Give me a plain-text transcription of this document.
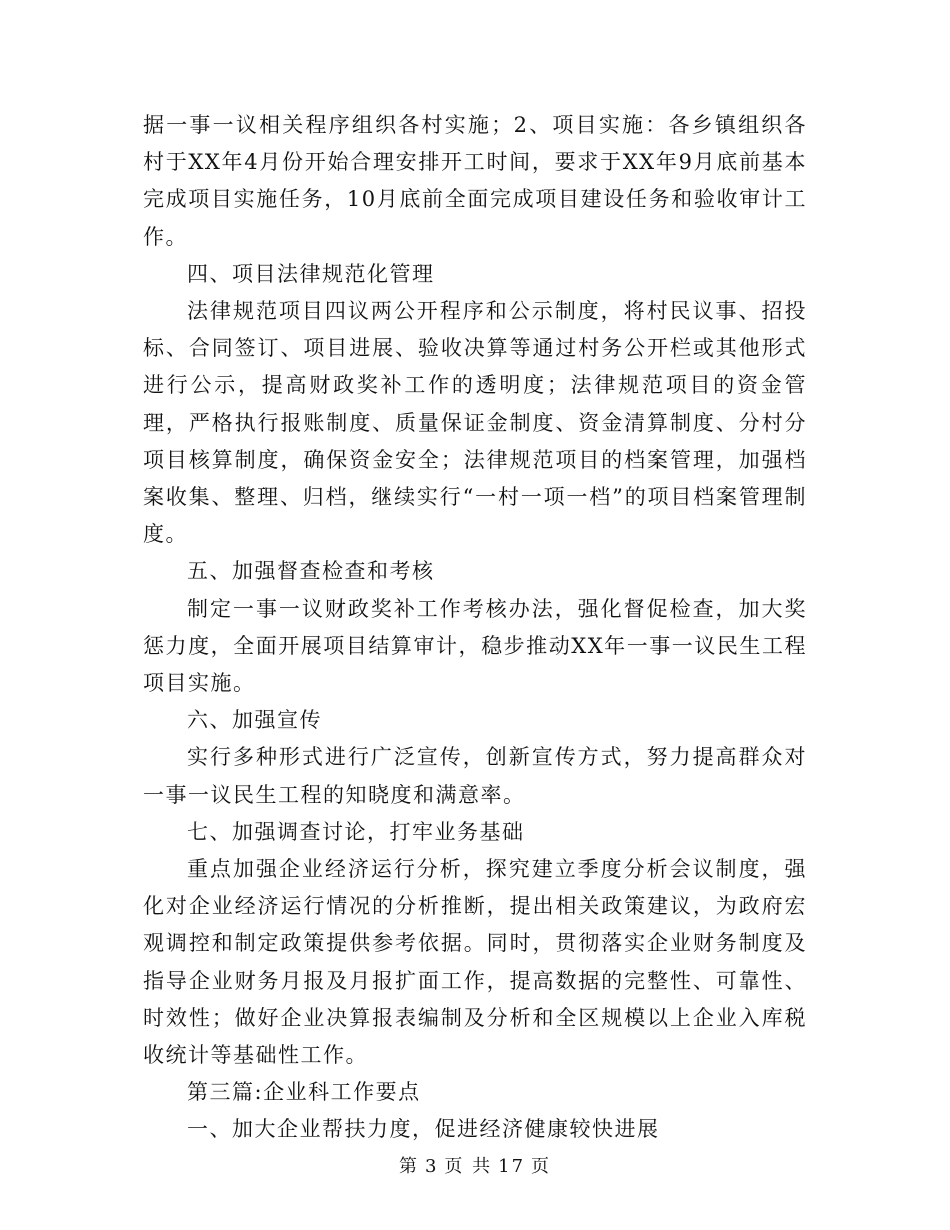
据一事一议相关程序组织各村实施；2、项目实施：各乡镇组织各村于XX年4月份开始合理安排开工时间，要求于XX年9月底前基本完成项目实施任务，10月底前全面完成项目建设任务和验收审计工作。

四、项目法律规范化管理

法律规范项目四议两公开程序和公示制度，将村民议事、招投标、合同签订、项目进展、验收决算等通过村务公开栏或其他形式进行公示，提高财政奖补工作的透明度；法律规范项目的资金管理，严格执行报账制度、质量保证金制度、资金清算制度、分村分项目核算制度，确保资金安全；法律规范项目的档案管理，加强档案收集、整理、归档，继续实行“一村一项一档”的项目档案管理制度。

五、加强督查检查和考核

制定一事一议财政奖补工作考核办法，强化督促检查，加大奖惩力度，全面开展项目结算审计，稳步推动XX年一事一议民生工程项目实施。

六、加强宣传

实行多种形式进行广泛宣传，创新宣传方式，努力提高群众对一事一议民生工程的知晓度和满意率。

七、加强调查讨论，打牢业务基础

重点加强企业经济运行分析，探究建立季度分析会议制度，强化对企业经济运行情况的分析推断，提出相关政策建议，为政府宏观调控和制定政策提供参考依据。同时，贯彻落实企业财务制度及指导企业财务月报及月报扩面工作，提高数据的完整性、可靠性、时效性；做好企业决算报表编制及分析和全区规模以上企业入库税收统计等基础性工作。

第三篇:企业科工作要点

一、加大企业帮扶力度，促进经济健康较快进展

第 3 页 共 17 页
